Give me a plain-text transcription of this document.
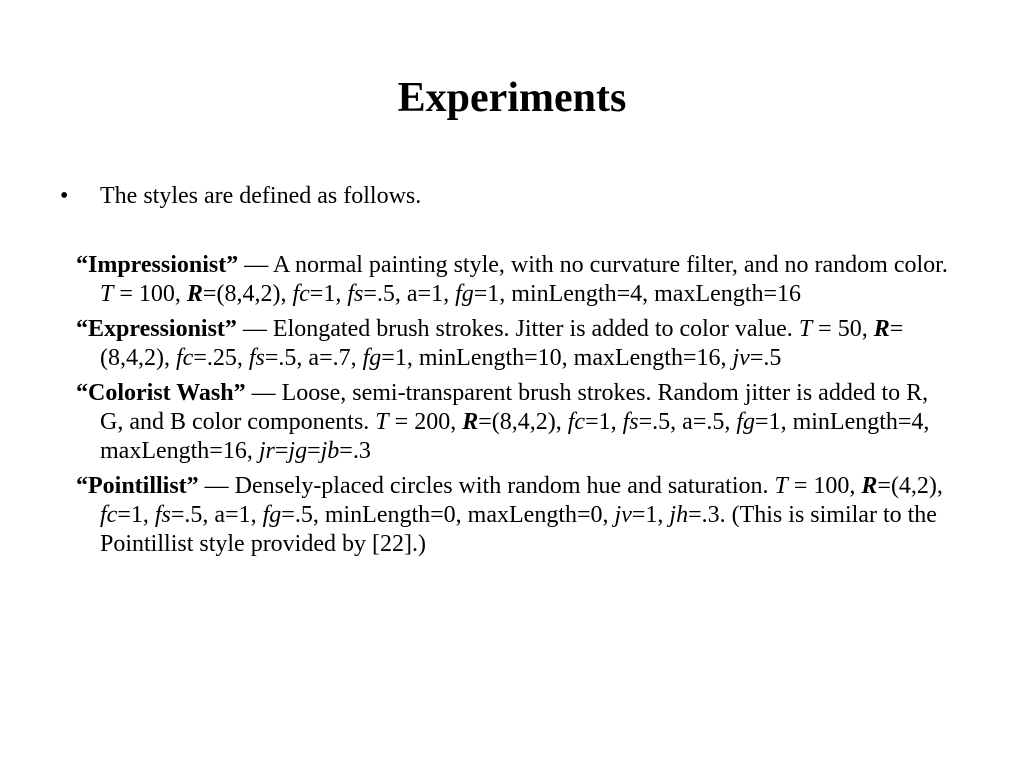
Experiments
• The styles are defined as follows.
“Impressionist” — A normal painting style, with no curvature filter, and no random color. T = 100, R=(8,4,2), fc=1, fs=.5, a=1, fg=1, minLength=4, maxLength=16
“Expressionist” — Elongated brush strokes. Jitter is added to color value. T = 50, R=(8,4,2), fc=.25, fs=.5, a=.7, fg=1, minLength=10, maxLength=16, jv=.5
“Colorist Wash” — Loose, semi-transparent brush strokes. Random jitter is added to R, G, and B color components. T = 200, R=(8,4,2), fc=1, fs=.5, a=.5, fg=1, minLength=4, maxLength=16, jr=jg=jb=.3
“Pointillist” — Densely-placed circles with random hue and saturation. T = 100, R=(4,2), fc=1, fs=.5, a=1, fg=.5, minLength=0, maxLength=0, jv=1, jh=.3. (This is similar to the Pointillist style provided by [22].)
